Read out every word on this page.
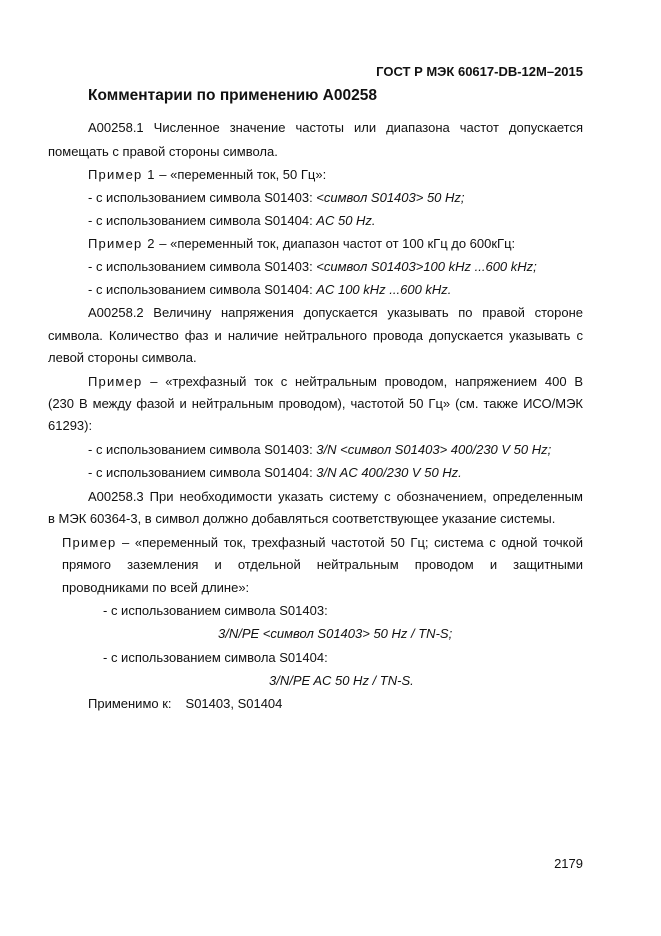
ГОСТ Р МЭК 60617-DB-12M–2015
Комментарии по применению А00258
А00258.1 Численное значение частоты или диапазона частот допускается
помещать с правой стороны символа.
Пример 1 – «переменный ток, 50 Гц»:
- с использованием символа S01403: <символ S01403> 50 Hz;
- с использованием символа S01404: AC 50 Hz.
Пример 2 – «переменный ток, диапазон частот от 100 кГц до 600кГц:
- с использованием символа S01403: <символ S01403>100 kHz ...600 kHz;
- с использованием символа S01404: AC 100 kHz ...600 kHz.
А00258.2 Величину напряжения допускается указывать по правой стороне
символа. Количество фаз и наличие нейтрального провода допускается указывать с
левой стороны символа.
Пример – «трехфазный ток с нейтральным проводом, напряжением 400 В
(230 В между фазой и нейтральным проводом), частотой 50 Гц» (см. также ИСО/МЭК
61293):
- с использованием символа S01403: 3/N <символ S01403> 400/230 V 50 Hz;
- с использованием символа S01404: 3/N AC 400/230 V 50 Hz.
А00258.3 При необходимости указать систему с обозначением, определенным
в МЭК 60364-3, в символ должно добавляться соответствующее указание системы.
Пример – «переменный ток, трехфазный частотой 50 Гц; система с одной точкой
прямого заземления и отдельной нейтральным проводом и защитными
проводниками по всей длине»:
- с использованием символа S01403:
3/N/PE <символ S01403> 50 Hz / TN-S;
- с использованием символа S01404:
3/N/PE AC 50 Hz / TN-S.
Применимо к: S01403, S01404
2179
